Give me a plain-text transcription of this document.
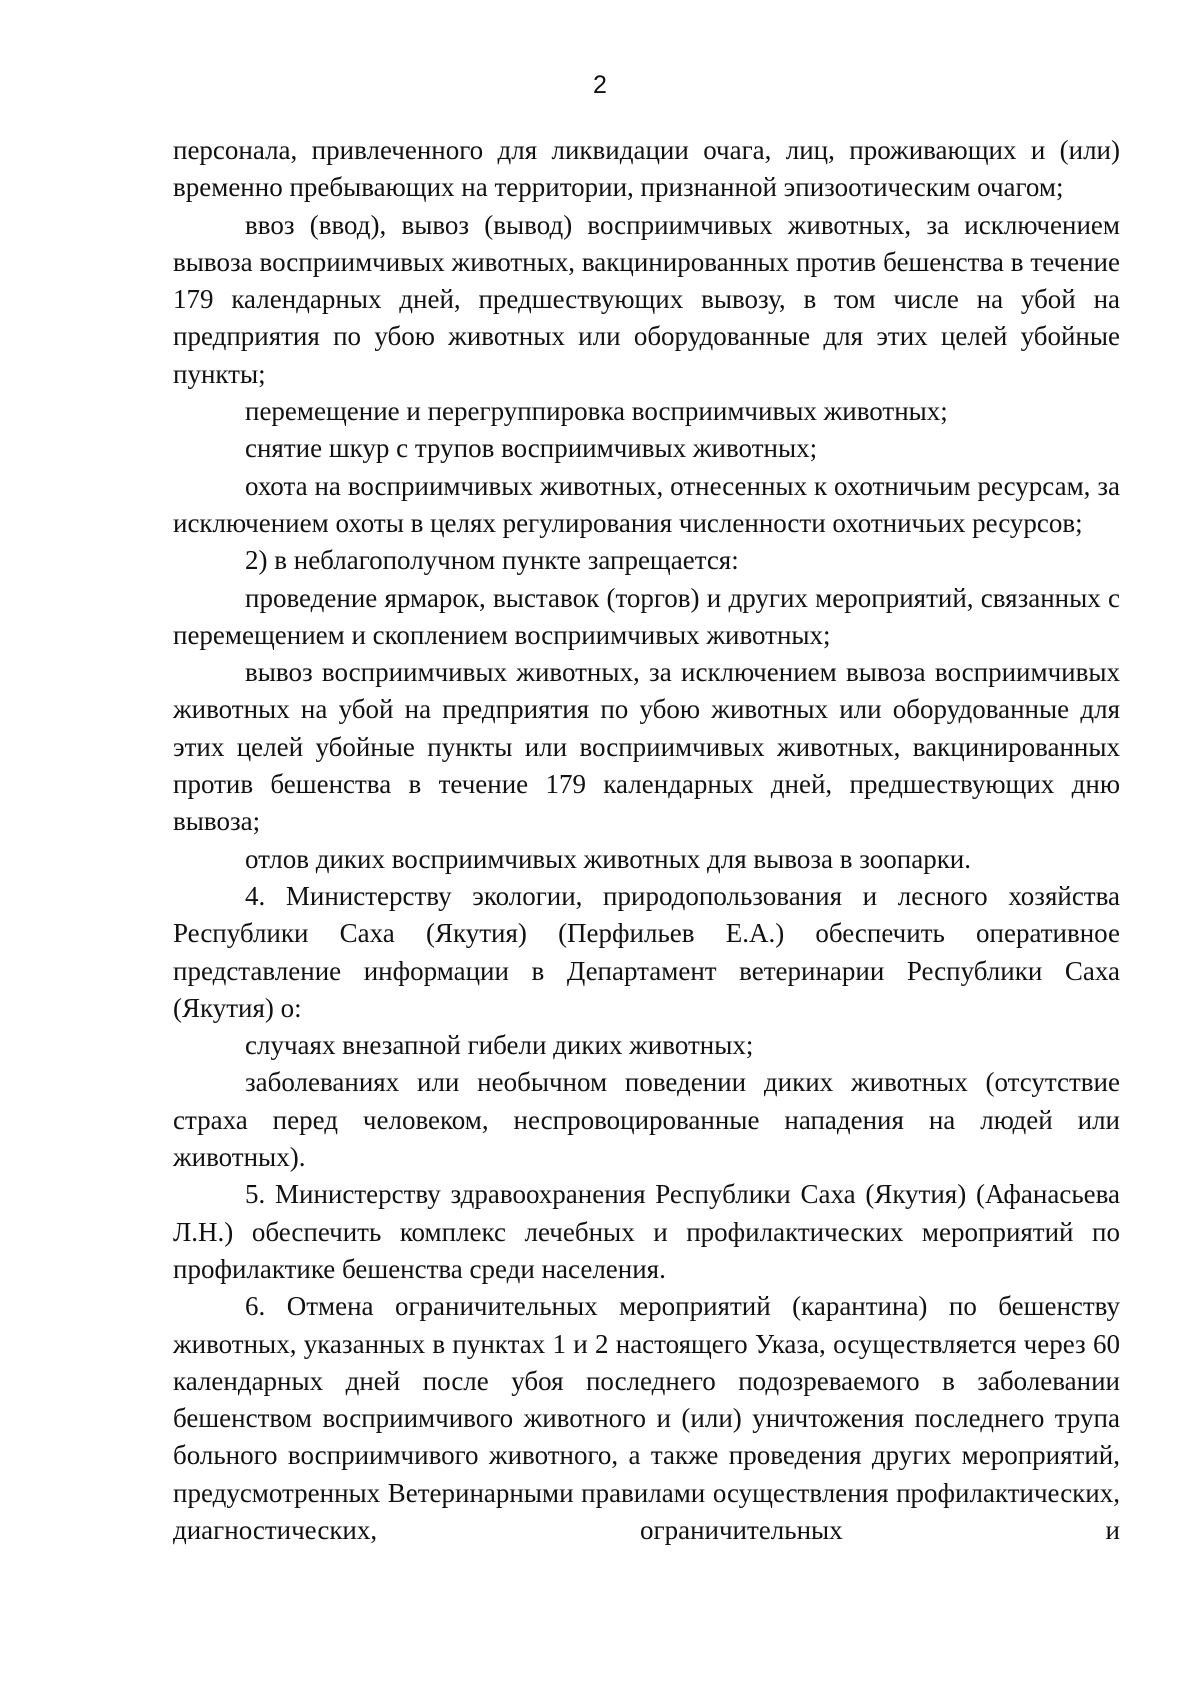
2

персонала, привлеченного для ликвидации очага, лиц, проживающих и (или) временно пребывающих на территории, признанной эпизоотическим очагом;

ввоз (ввод), вывоз (вывод) восприимчивых животных, за исключением вывоза восприимчивых животных, вакцинированных против бешенства в течение 179 календарных дней, предшествующих вывозу, в том числе на убой на предприятия по убою животных или оборудованные для этих целей убойные пункты;

перемещение и перегруппировка восприимчивых животных;

снятие шкур с трупов восприимчивых животных;

охота на восприимчивых животных, отнесенных к охотничьим ресурсам, за исключением охоты в целях регулирования численности охотничьих ресурсов;

2) в неблагополучном пункте запрещается:

проведение ярмарок, выставок (торгов) и других мероприятий, связанных с перемещением и скоплением восприимчивых животных;

вывоз восприимчивых животных, за исключением вывоза восприимчивых животных на убой на предприятия по убою животных или оборудованные для этих целей убойные пункты или восприимчивых животных, вакцинированных против бешенства в течение 179 календарных дней, предшествующих дню вывоза;

отлов диких восприимчивых животных для вывоза в зоопарки.

4. Министерству экологии, природопользования и лесного хозяйства Республики Саха (Якутия) (Перфильев Е.А.) обеспечить оперативное представление информации в Департамент ветеринарии Республики Саха (Якутия) о:

случаях внезапной гибели диких животных;

заболеваниях или необычном поведении диких животных (отсутствие страха перед человеком, неспровоцированные нападения на людей или животных).

5. Министерству здравоохранения Республики Саха (Якутия) (Афанасьева Л.Н.) обеспечить комплекс лечебных и профилактических мероприятий по профилактике бешенства среди населения.

6. Отмена ограничительных мероприятий (карантина) по бешенству животных, указанных в пунктах 1 и 2 настоящего Указа, осуществляется через 60 календарных дней после убоя последнего подозреваемого в заболевании бешенством восприимчивого животного и (или) уничтожения последнего трупа больного восприимчивого животного, а также проведения других мероприятий, предусмотренных Ветеринарными правилами осуществления профилактических, диагностических, ограничительных и
